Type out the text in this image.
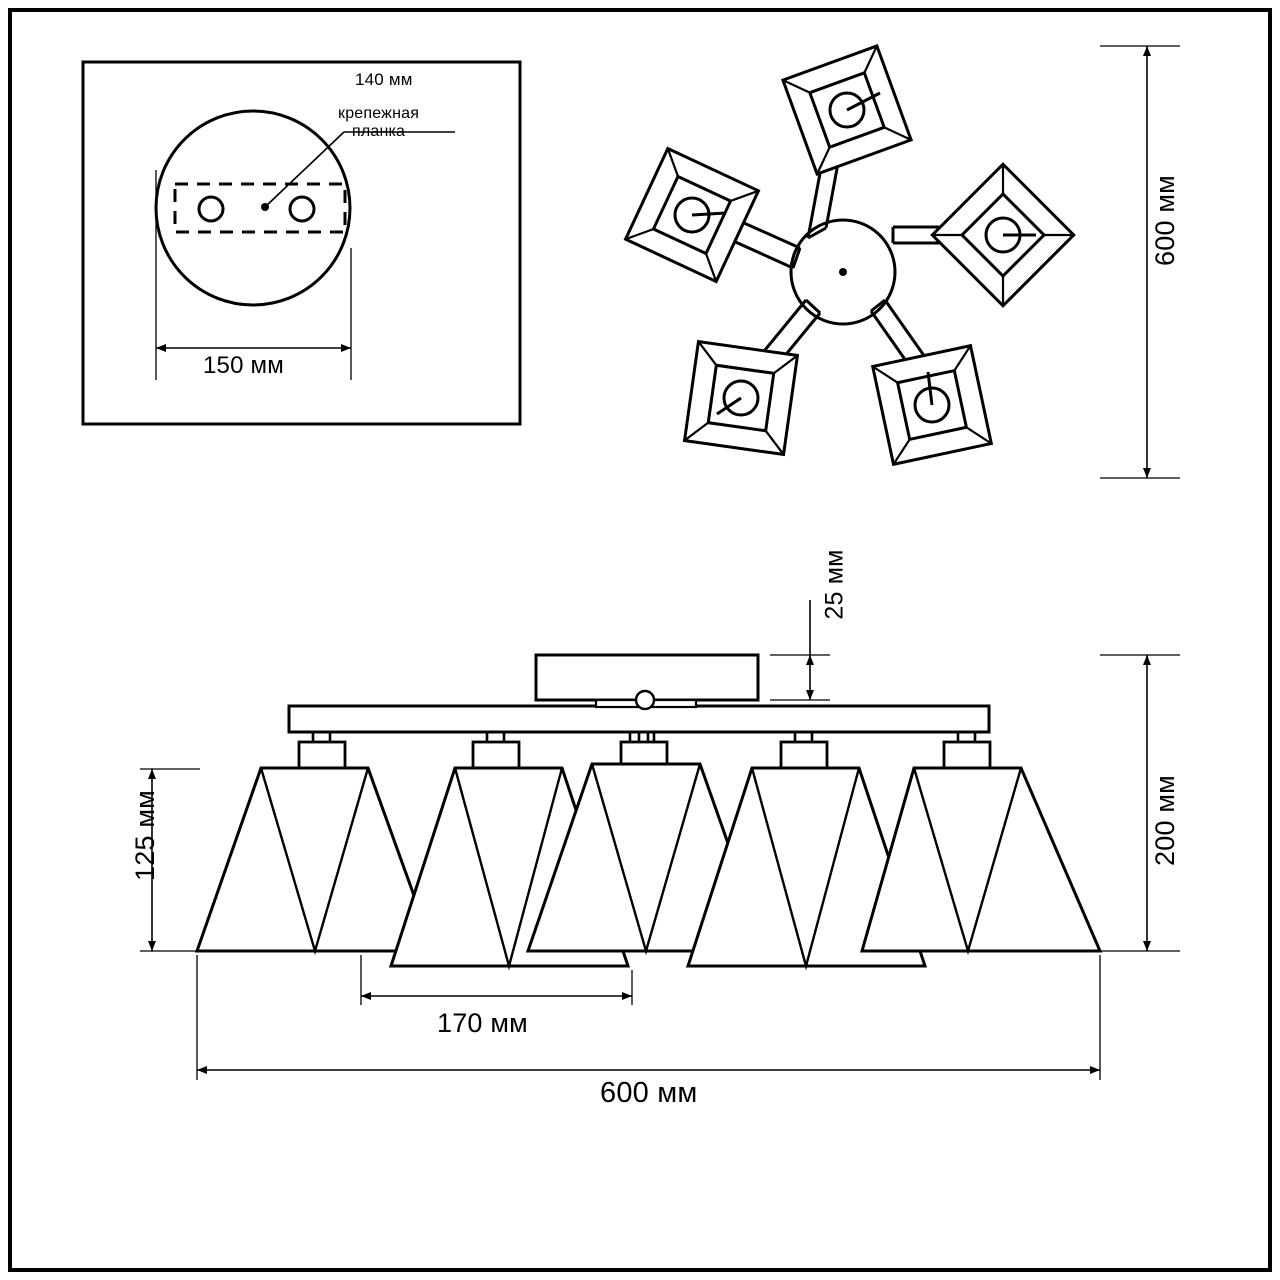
150 мм
140 мм
крепежная
планка
600 мм
25 мм
200 мм
125 мм
170 мм
600 мм
